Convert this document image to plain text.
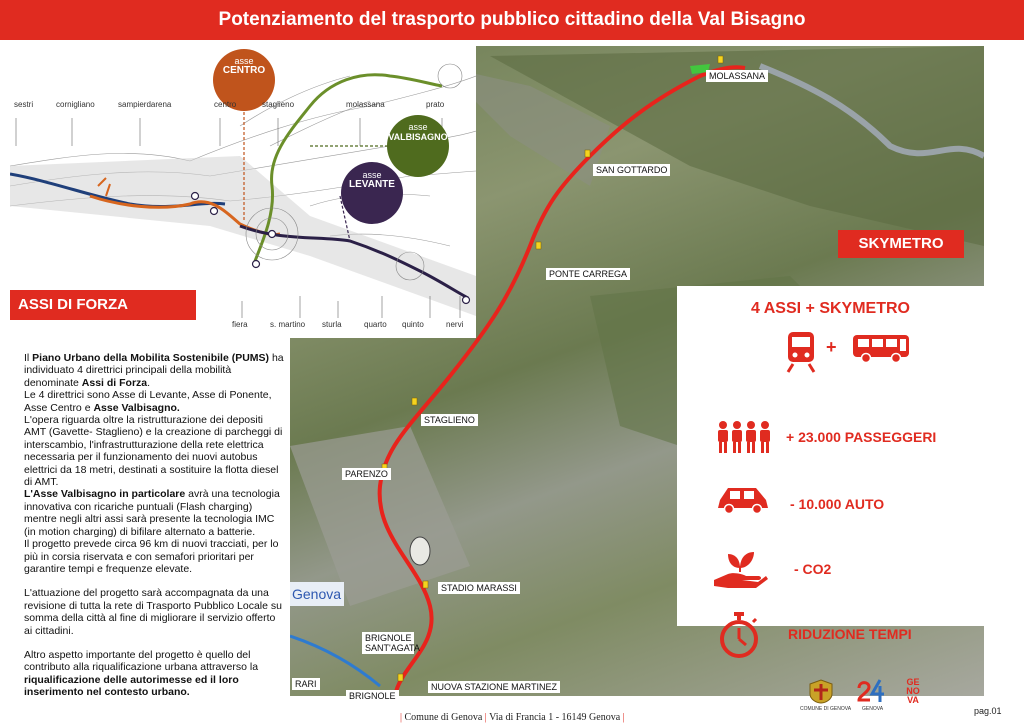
Potenziamento del trasporto pubblico cittadino della Val Bisagno
MOLASSANA
SAN GOTTARDO
PONTE CARREGA
STAGLIENO
PARENZO
STADIO MARASSI
BRIGNOLE SANT'AGATA
NUOVA STAZIONE MARTINEZ
BRIGNOLE
RARI
Genova
SKYMETRO
asse
CENTRO
asse
VALBISAGNO
asse
LEVANTE
sestri	cornigliano	sampierdarena	centro	staglieno	molassana	prato
fiera	s. martino sturla	quarto quinto	nervi
ASSI DI FORZA

Il Piano Urbano della Mobilita Sostenibile (PUMS) ha individuato 4 direttrici principali della mobilità denominate Assi di Forza.

Le 4 direttrici sono Asse di Levante, Asse di Ponente, Asse Centro e Asse Valbisagno.

L'opera riguarda oltre la ristrutturazione dei depositi AMT (Gavette- Staglieno) e la creazione di parcheggi di interscambio, l'infrastrutturazione della rete elettrica necessaria per il funzionamento dei nuovi autobus elettrici da 18 metri, destinati a sostituire la flotta diesel di AMT.

L'Asse Valbisagno in particolare avrà una tecnologia innovativa con ricariche puntuali (Flash charging) mentre negli altri assi sarà presente la tecnologia IMC (in motion charging) di bifilare alternato a batterie.

Il progetto prevede circa 96 km di nuovi tracciati, per lo più in corsia riservata e con semafori prioritari per garantire tempi e frequenze elevate.

L'attuazione del progetto sarà accompagnata da una revisione di tutta la rete di Trasporto Pubblico Locale su somma della città al fine di migliorare il servizio offerto ai cittadini.

Altro aspetto importante del progetto è quello del contributo alla riqualificazione urbana attraverso la riqualificazione delle autorimesse ed il loro inserimento nel contesto urbano.

4 ASSI + SKYMETRO
+
+ 23.000 PASSEGGERI
- 10.000 AUTO
- CO2
RIDUZIONE TEMPI
| Comune di Genova | Via di Francia 1 - 16149 Genova |
COMUNE DI GENOVA GENOVA
GE
NO
VA
pag.01
